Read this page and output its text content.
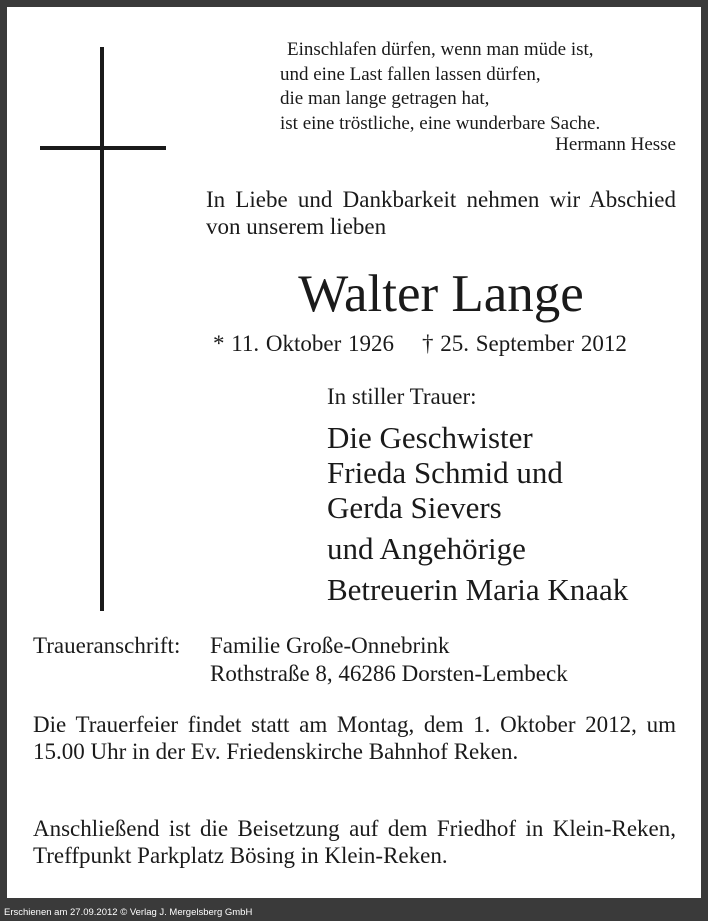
Einschlafen dürfen, wenn man müde ist,
und eine Last fallen lassen dürfen,
die man lange getragen hat,
ist eine tröstliche, eine wunderbare Sache.
Hermann Hesse
In Liebe und Dankbarkeit nehmen wir Abschied von unserem lieben
Walter Lange
* 11. Oktober 1926 † 25. September 2012
In stiller Trauer:
Die Geschwister
Frieda Schmid und
Gerda Sievers
und Angehörige
Betreuerin Maria Knaak
Traueranschrift: Familie Große-Onnebrink
Rothstraße 8, 46286 Dorsten-Lembeck
Die Trauerfeier findet statt am Montag, dem 1. Oktober 2012, um 15.00 Uhr in der Ev. Friedenskirche Bahnhof Reken.
Anschließend ist die Beisetzung auf dem Friedhof in Klein-Reken, Treffpunkt Parkplatz Bösing in Klein-Reken.
Erschienen am 27.09.2012 © Verlag J. Mergelsberg GmbH
